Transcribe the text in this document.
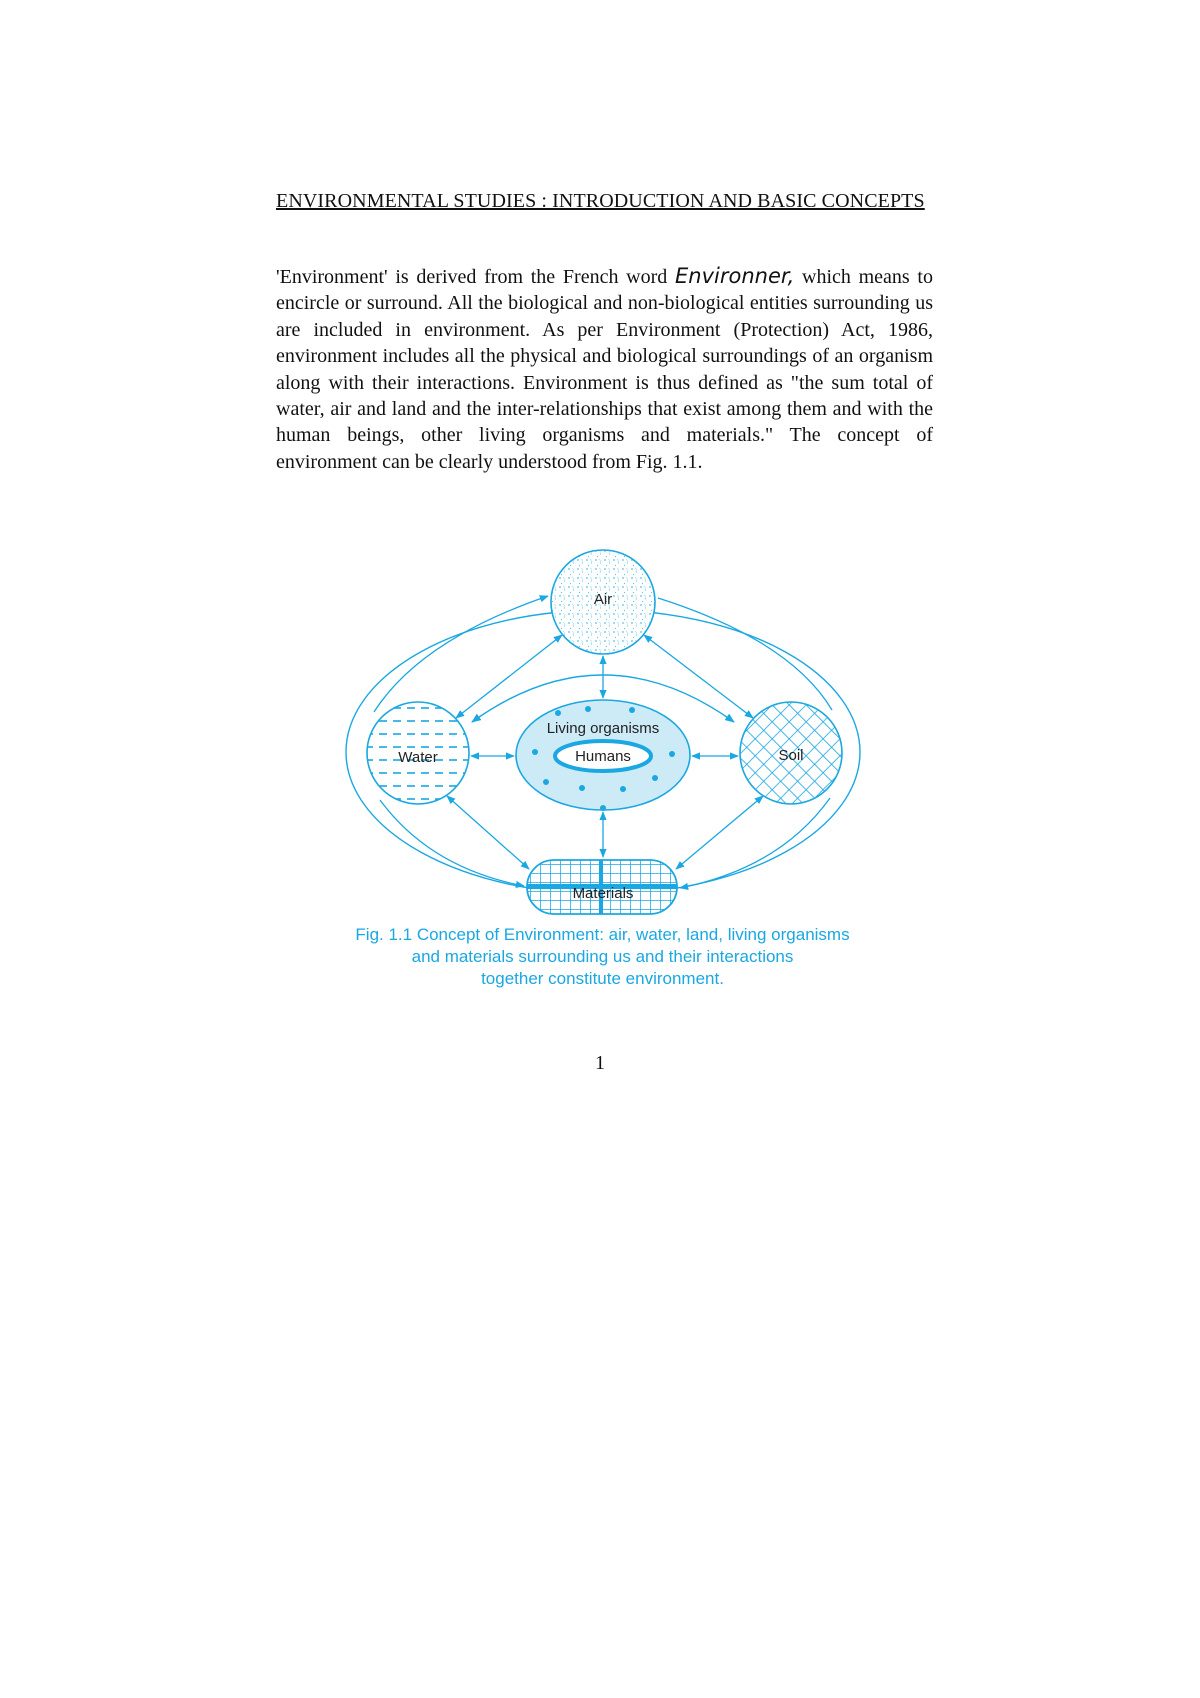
ENVIRONMENTAL STUDIES : INTRODUCTION AND BASIC CONCEPTS
'Environment' is derived from the French word Environner, which means to encircle or surround. All the biological and non-biological entities surrounding us are included in environment. As per Environment (Protection) Act, 1986, environment includes all the physical and biological surroundings of an organism along with their interactions. Environment is thus defined as "the sum total of water, air and land and the inter-relationships that exist among them and with the human beings, other living organisms and materials." The concept of environment can be clearly understood from Fig. 1.1.
Air
Water	Soil
Living organisms
Humans
Materials
Fig. 1.1 Concept of Environment: air, water, land, living organisms
and materials surrounding us and their interactions
together constitute environment.
1
